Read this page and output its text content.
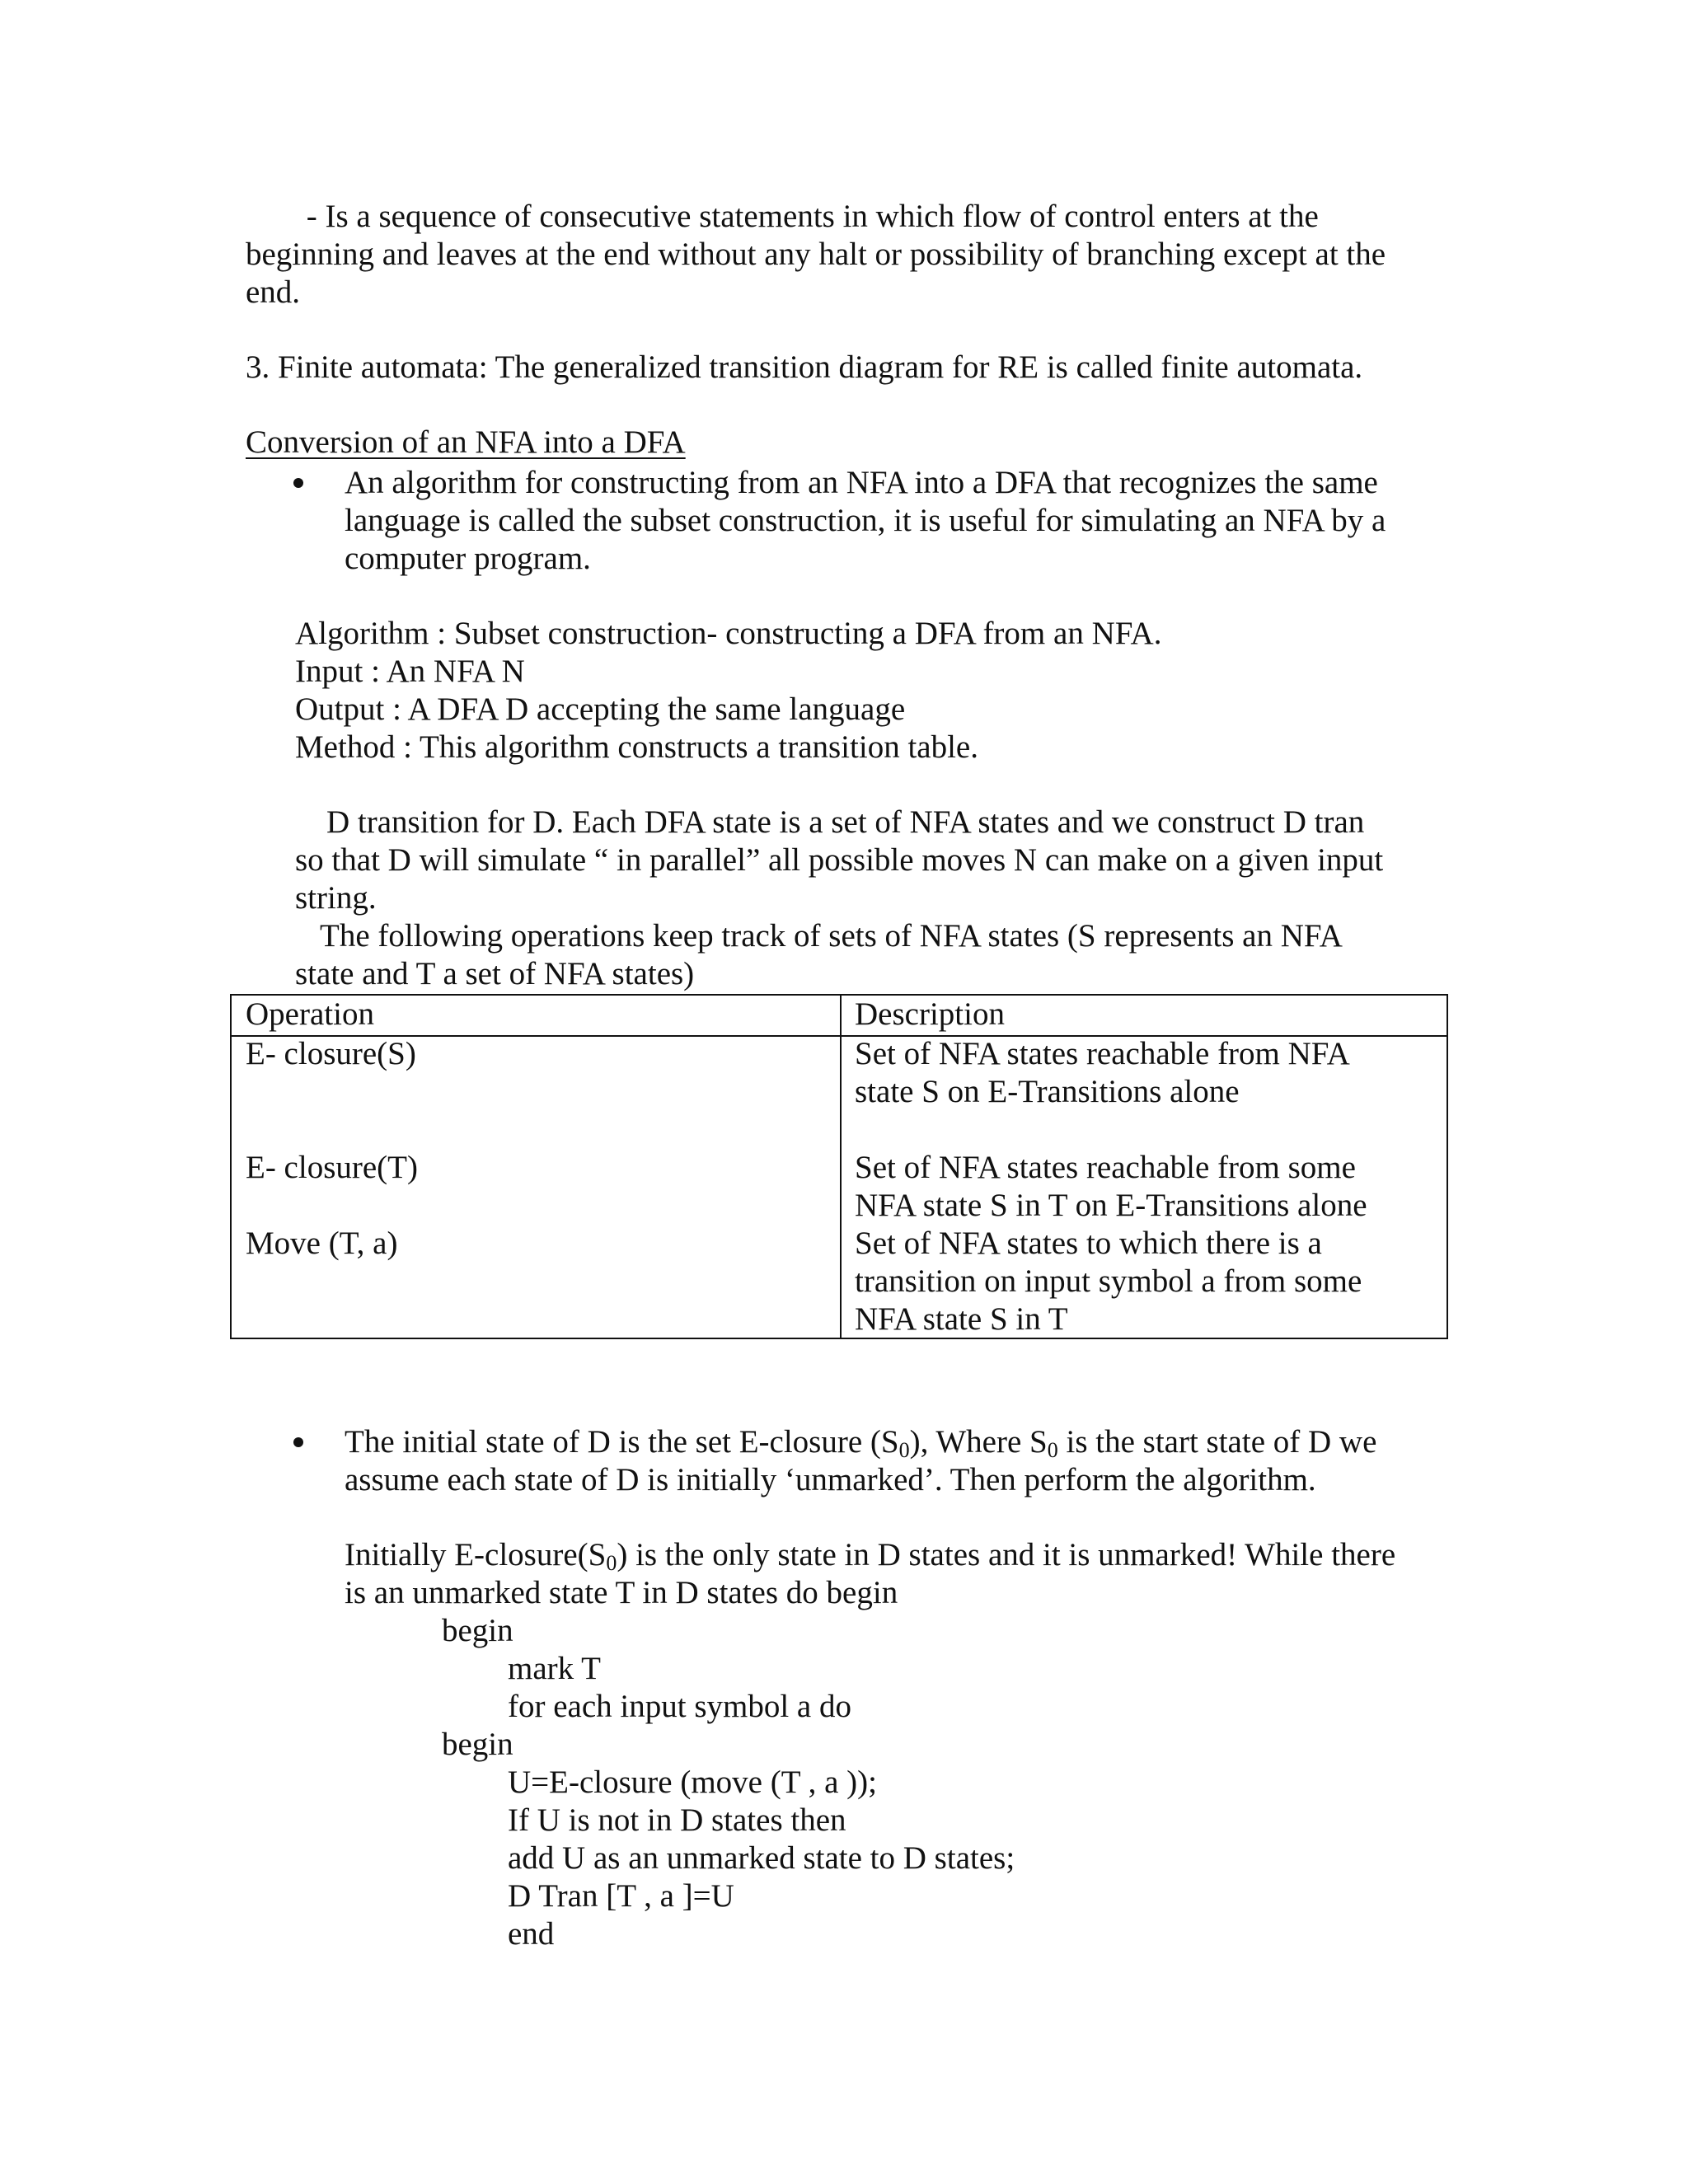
- Is a sequence of consecutive statements in which flow of control enters at the
beginning and leaves at the end without any halt or possibility of branching except at the
end.
3. Finite automata: The generalized transition diagram for RE is called finite automata.
Conversion of an NFA into a DFA
An algorithm for constructing from an NFA into a DFA that recognizes the same
language is called the subset construction, it is useful for simulating an NFA by a
computer program.
Algorithm : Subset construction- constructing a DFA from an NFA.
Input : An NFA N
Output : A DFA D accepting the same language
Method : This algorithm constructs a transition table.
D transition for D. Each DFA state is a set of NFA states and we construct D tran
so that D will simulate “ in parallel” all possible moves N can make on a given input
string.
The following operations keep track of sets of NFA states (S represents an NFA
state and T a set of NFA states)
Operation	Description
E- closure(S)	Set of NFA states reachable from NFA
state S on E-Transitions alone
E- closure(T)	Set of NFA states reachable from some
NFA state S in T on E-Transitions alone
Move (T, a)	Set of NFA states to which there is a
transition on input symbol a from some
NFA state S in T
The initial state of D is the set E-closure $(S_0)$, Where $S_0$ is the start state of D we
assume each state of D is initially ‘unmarked’. Then perform the algorithm.
Initially $E-closure(S_0)$ is the only state in D states and it is unmarked! While there
is an unmarked state T in D states do begin
begin
mark T
for each input symbol a do
begin
U=E-closure (move (T , a ));
If U is not in D states then
add U as an unmarked state to D states;
D Tran [T , a ]=U
end
